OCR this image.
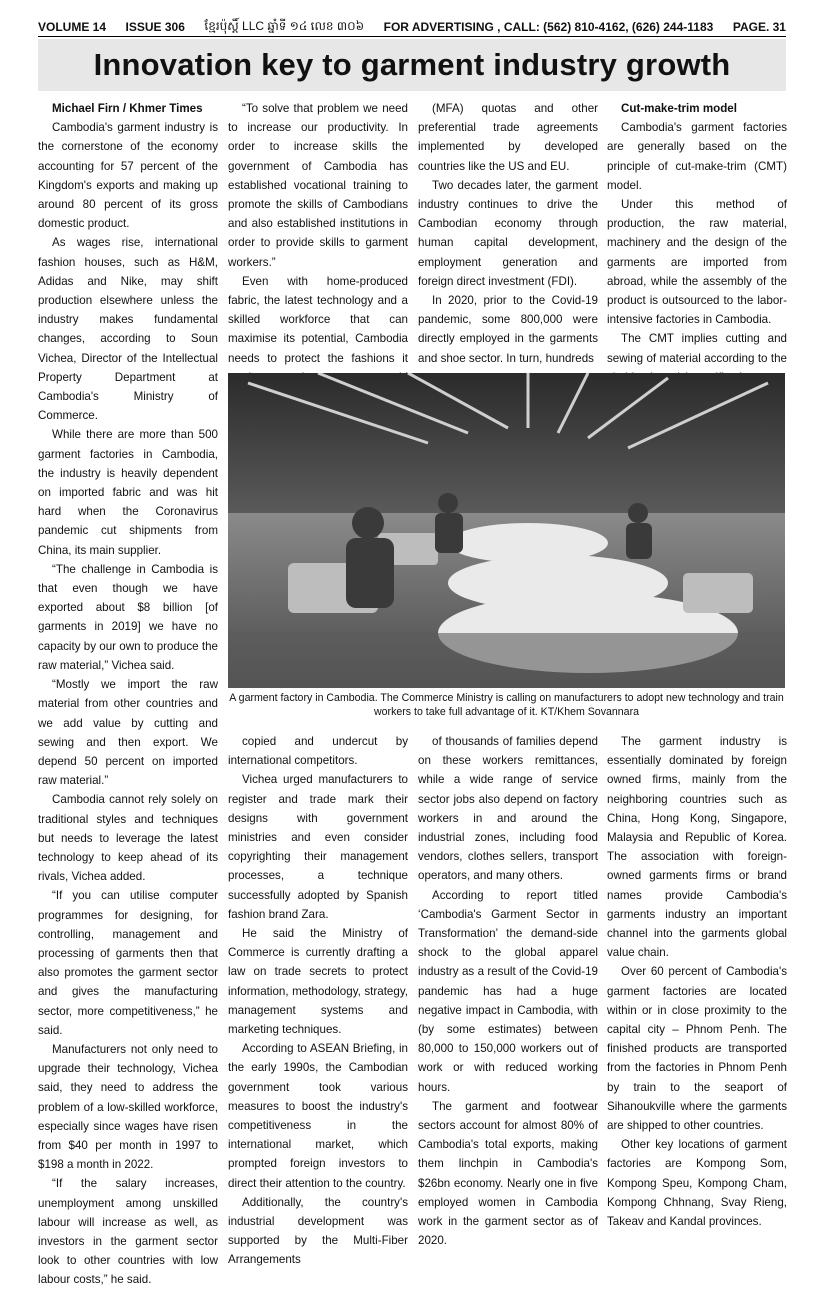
VOLUME 14 ISSUE 306 ខ្មែរប៉ុស្តិ៍ LLC ឆ្នាំទី ១៤ លេខ ៣០៦ FOR ADVERTISING , CALL: (562) 810-4162, (626) 244-1183 PAGE. 31
Innovation key to garment industry growth

Michael Firn / Khmer Times

Cambodia's garment industry is the cornerstone of the economy accounting for 57 percent of the Kingdom's exports and making up around 80 percent of its gross domestic product.

As wages rise, international fashion houses, such as H&M, Adidas and Nike, may shift production elsewhere unless the industry makes fundamental changes, according to Soun Vichea, Director of the Intellectual Property Department at Cambodia's Ministry of Commerce.

While there are more than 500 garment factories in Cambodia, the industry is heavily dependent on imported fabric and was hit hard when the Coronavirus pandemic cut shipments from China, its main supplier.

“The challenge in Cambodia is that even though we have exported about $8 billion [of garments in 2019] we have no capacity by our own to produce the raw material,” Vichea said.

“Mostly we import the raw material from other countries and we add value by cutting and sewing and then export. We depend 50 percent on imported raw material.”

Cambodia cannot rely solely on traditional styles and techniques but needs to leverage the latest technology to keep ahead of its rivals, Vichea added.

“If you can utilise computer programmes for designing, for controlling, management and processing of garments then that also promotes the garment sector and gives the manufacturing sector, more competitiveness,” he said.

Manufacturers not only need to upgrade their technology, Vichea said, they need to address the problem of a low-skilled workforce, especially since wages have risen from $40 per month in 1997 to $198 a month in 2022.

“If the salary increases, unemployment among unskilled labour will increase as well, as investors in the garment sector look to other countries with low labour costs,” he said.

“To solve that problem we need to increase our productivity. In order to increase skills the government of Cambodia has established vocational training to promote the skills of Cambodians and also established institutions in order to provide skills to garment workers.”

Even with home-produced fabric, the latest technology and a skilled workforce that can maximise its potential, Cambodia needs to protect the fashions it

(MFA) quotas and other preferential trade agreements implemented by developed countries like the US and EU.

Two decades later, the garment industry continues to drive the Cambodian economy through human capital development, employment generation and foreign direct investment (FDI).

In 2020, prior to the Covid-19 pandemic, some 800,000 were directly employed in the garments and shoe sector. In turn, hundreds

Cut-make-trim model

Cambodia's garment factories are generally based on the principle of cut-make-trim (CMT) model.

Under this method of production, the raw material, machinery and the design of the garments are imported from abroad, while the assembly of the product is outsourced to the labor-intensive factories in Cambodia.

The CMT implies cutting and sewing of material according to the

A garment factory in Cambodia. The Commerce Ministry is calling on manufacturers to adopt new technology and train workers to take full advantage of it. KT/Khem Sovannara

copied and undercut by international competitors.

Vichea urged manufacturers to register and trade mark their designs with government ministries and even consider copyrighting their management processes, a technique successfully adopted by Spanish fashion brand Zara.

He said the Ministry of Commerce is currently drafting a law on trade secrets to protect information, methodology, strategy, management systems and marketing techniques.

According to ASEAN Briefing, in the early 1990s, the Cambodian government took various measures to boost the industry's competitiveness in the international market, which prompted foreign investors to direct their attention to the country.

Additionally, the country's industrial development was supported by the Multi-Fiber Arrangements

of thousands of families depend on these workers remittances, while a wide range of service sector jobs also depend on factory workers in and around the industrial zones, including food vendors, clothes sellers, transport operators, and many others.

According to report titled ‘Cambodia's Garment Sector in Transformation’ the demand-side shock to the global apparel industry as a result of the Covid-19 pandemic has had a huge negative impact in Cambodia, with (by some estimates) between 80,000 to 150,000 workers out of work or with reduced working hours.

The garment and footwear sectors account for almost 80% of Cambodia's total exports, making them linchpin in Cambodia's $26bn economy. Nearly one in five employed women in Cambodia work in the garment sector as of 2020.

The garment industry is essentially dominated by foreign owned firms, mainly from the neighboring countries such as China, Hong Kong, Singapore, Malaysia and Republic of Korea. The association with foreign-owned garments firms or brand names provide Cambodia's garments industry an important channel into the garments global value chain.

Over 60 percent of Cambodia's garment factories are located within or in close proximity to the capital city – Phnom Penh. The finished products are transported from the factories in Phnom Penh by train to the seaport of Sihanoukville where the garments are shipped to other countries.

Other key locations of garment factories are Kompong Som, Kompong Speu, Kompong Cham, Kompong Chhnang, Svay Rieng, Takeav and Kandal provinces.
